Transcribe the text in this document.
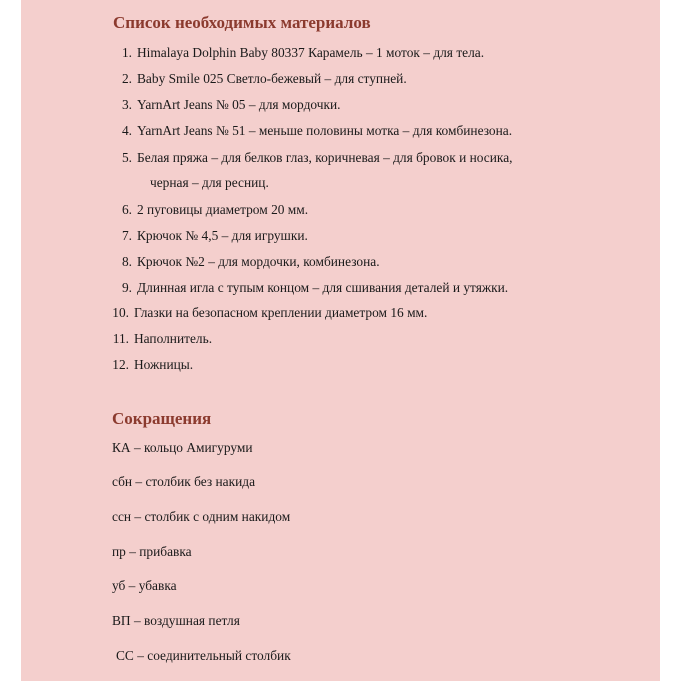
Список необходимых материалов
1. Himalaya Dolphin Baby 80337 Карамель – 1 моток – для тела.
2. Baby Smile 025 Светло-бежевый – для ступней.
3. YarnArt Jeans № 05 – для мордочки.
4. YarnArt Jeans № 51 – меньше половины мотка – для комбинезона.
5. Белая пряжа – для белков глаз, коричневая – для бровок и носика,
черная – для ресниц.
6. 2 пуговицы диаметром 20 мм.
7. Крючок № 4,5 – для игрушки.
8. Крючок №2 – для мордочки, комбинезона.
9. Длинная игла с тупым концом – для сшивания деталей и утяжки.
10. Глазки на безопасном креплении диаметром 16 мм.
11. Наполнитель.
12. Ножницы.
Сокращения
КА – кольцо Амигуруми
сбн – столбик без накида
ссн – столбик с одним накидом
пр – прибавка
уб – убавка
ВП – воздушная петля
СС – соединительный столбик
